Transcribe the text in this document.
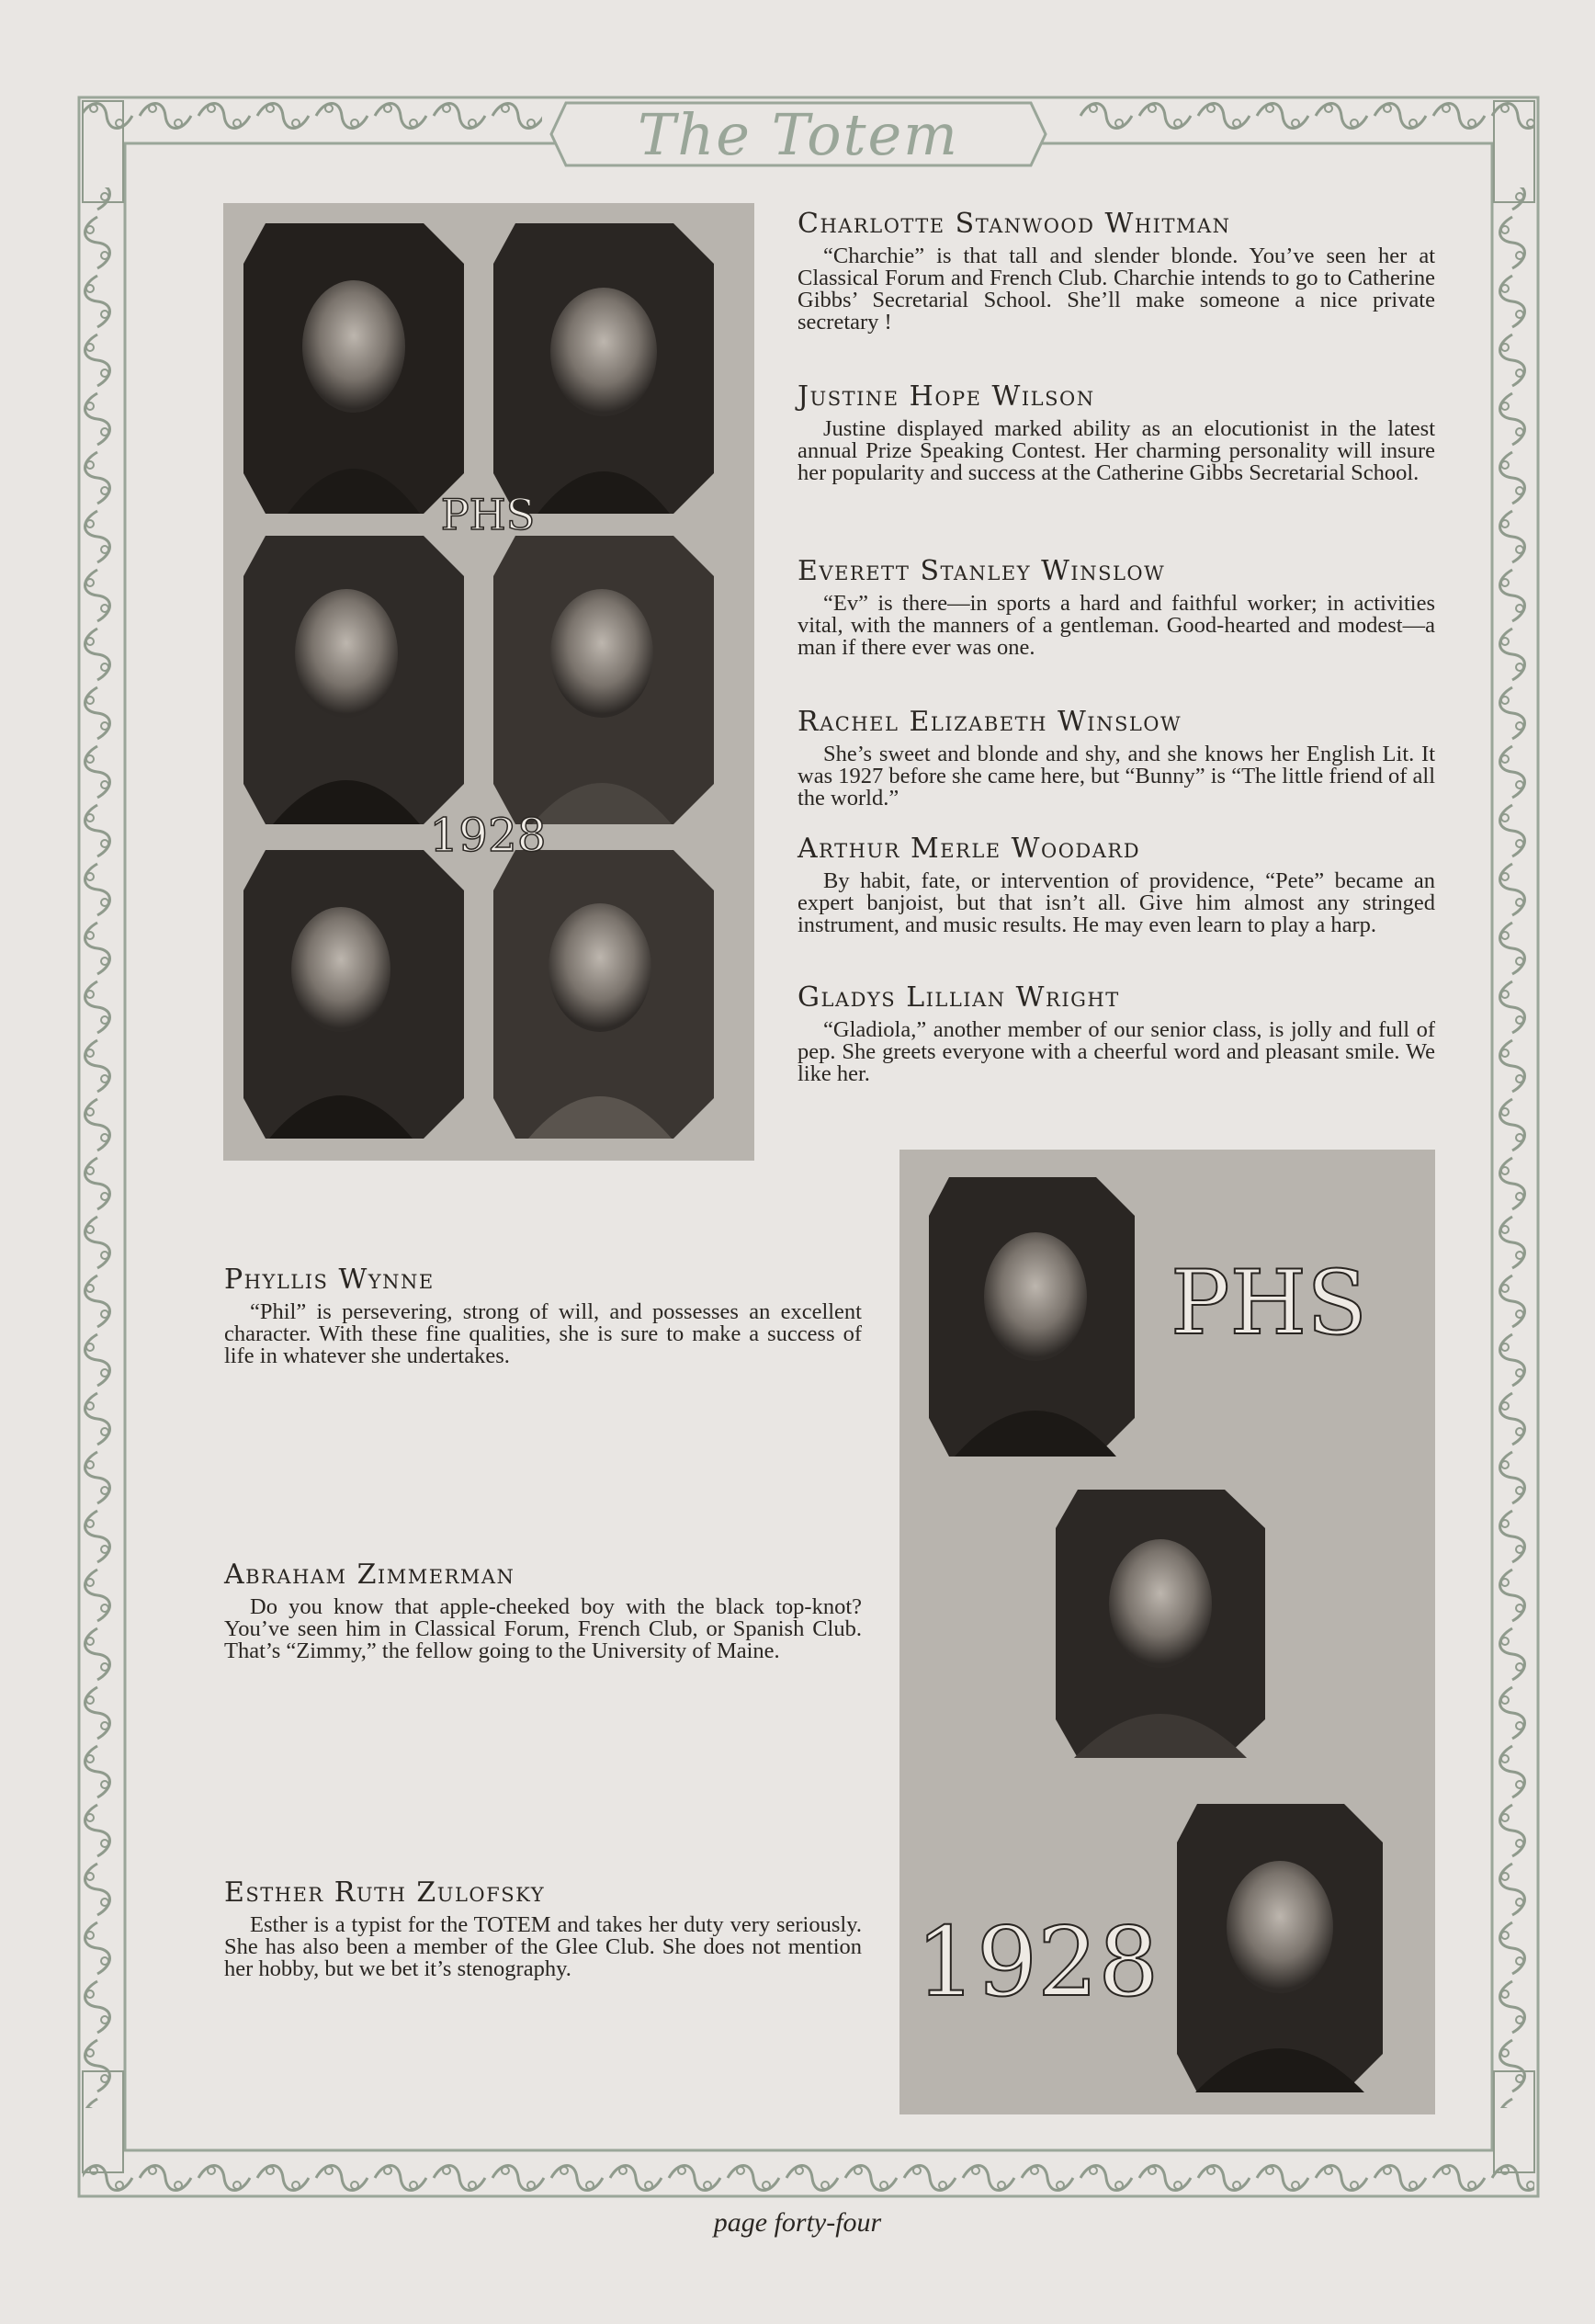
The Totem
PHS
1928
PHS
1928
Charlotte Stanwood Whitman
“Charchie” is that tall and slender blonde. You’ve seen her at Classical Forum and French Club. Charchie intends to go to Catherine Gibbs’ Secretarial School. She’ll make someone a nice private secretary !
Justine Hope Wilson
Justine displayed marked ability as an elocutionist in the latest annual Prize Speaking Contest. Her charming personality will insure her popularity and success at the Catherine Gibbs Secretarial School.
Everett Stanley Winslow
“Ev” is there—in sports a hard and faithful worker; in activities vital, with the manners of a gentleman. Good-hearted and modest—a man if there ever was one.
Rachel Elizabeth Winslow
She’s sweet and blonde and shy, and she knows her English Lit. It was 1927 before she came here, but “Bunny” is “The little friend of all the world.”
Arthur Merle Woodard
By habit, fate, or intervention of providence, “Pete” became an expert banjoist, but that isn’t all. Give him almost any stringed instrument, and music results. He may even learn to play a harp.
Gladys Lillian Wright
“Gladiola,” another member of our senior class, is jolly and full of pep. She greets everyone with a cheerful word and pleasant smile. We like her.
Phyllis Wynne
“Phil” is persevering, strong of will, and possesses an excellent character. With these fine qualities, she is sure to make a success of life in whatever she undertakes.
Abraham Zimmerman
Do you know that apple-cheeked boy with the black top-knot? You’ve seen him in Classical Forum, French Club, or Spanish Club. That’s “Zimmy,” the fellow going to the University of Maine.
Esther Ruth Zulofsky
Esther is a typist for the TOTEM and takes her duty very seriously. She has also been a member of the Glee Club. She does not mention her hobby, but we bet it’s stenography.
page forty-four
